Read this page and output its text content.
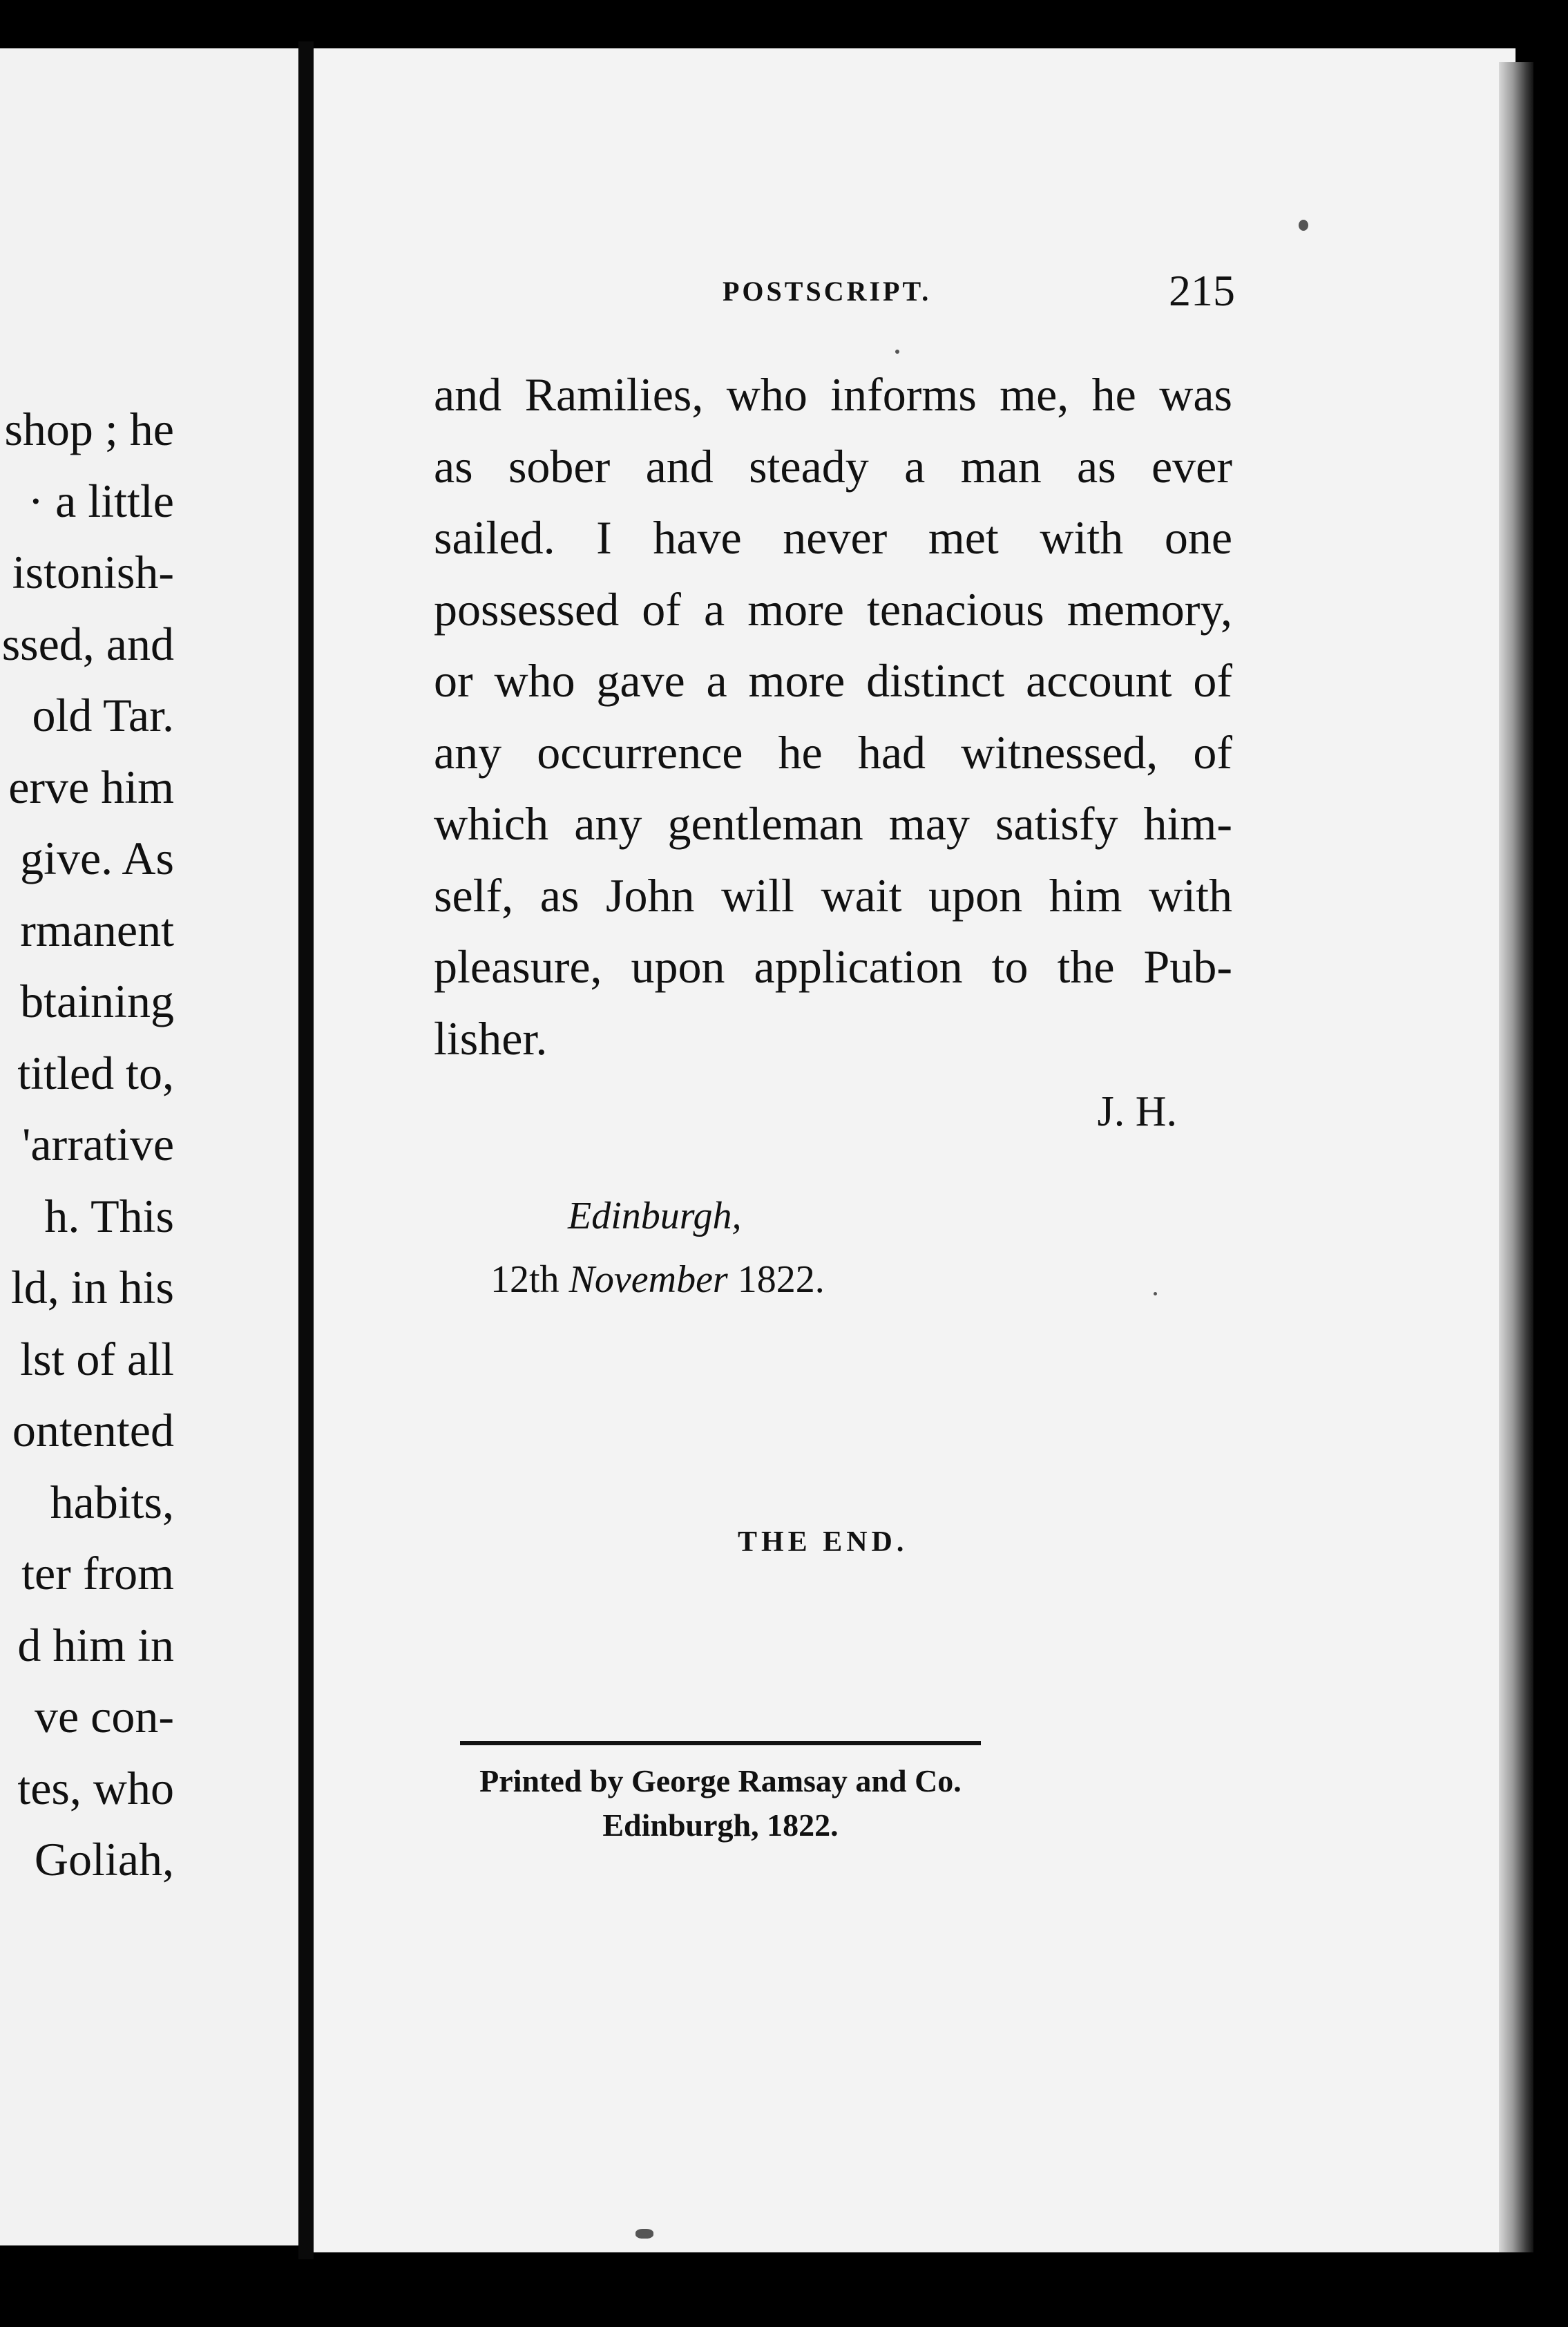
shop ; he
· a little
istonish-
ssed, and
old Tar.
erve him
give. As
rmanent
btaining
titled to,
'arrative
h. This
ld, in his
lst of all
ontented
habits,
ter from
d him in
ve con-
tes, who
Goliah,
POSTSCRIPT.	215
and Ramilies, who informs me, he was
as sober and steady a man as ever
sailed. I have never met with one
possessed of a more tenacious memory,
or who gave a more distinct account of
any occurrence he had witnessed, of
which any gentleman may satisfy him-
self, as John will wait upon him with
pleasure, upon application to the Pub-
lisher.
J. H.
Edinburgh,
12th November 1822.
THE END.
Printed by George Ramsay and Co.
Edinburgh, 1822.
